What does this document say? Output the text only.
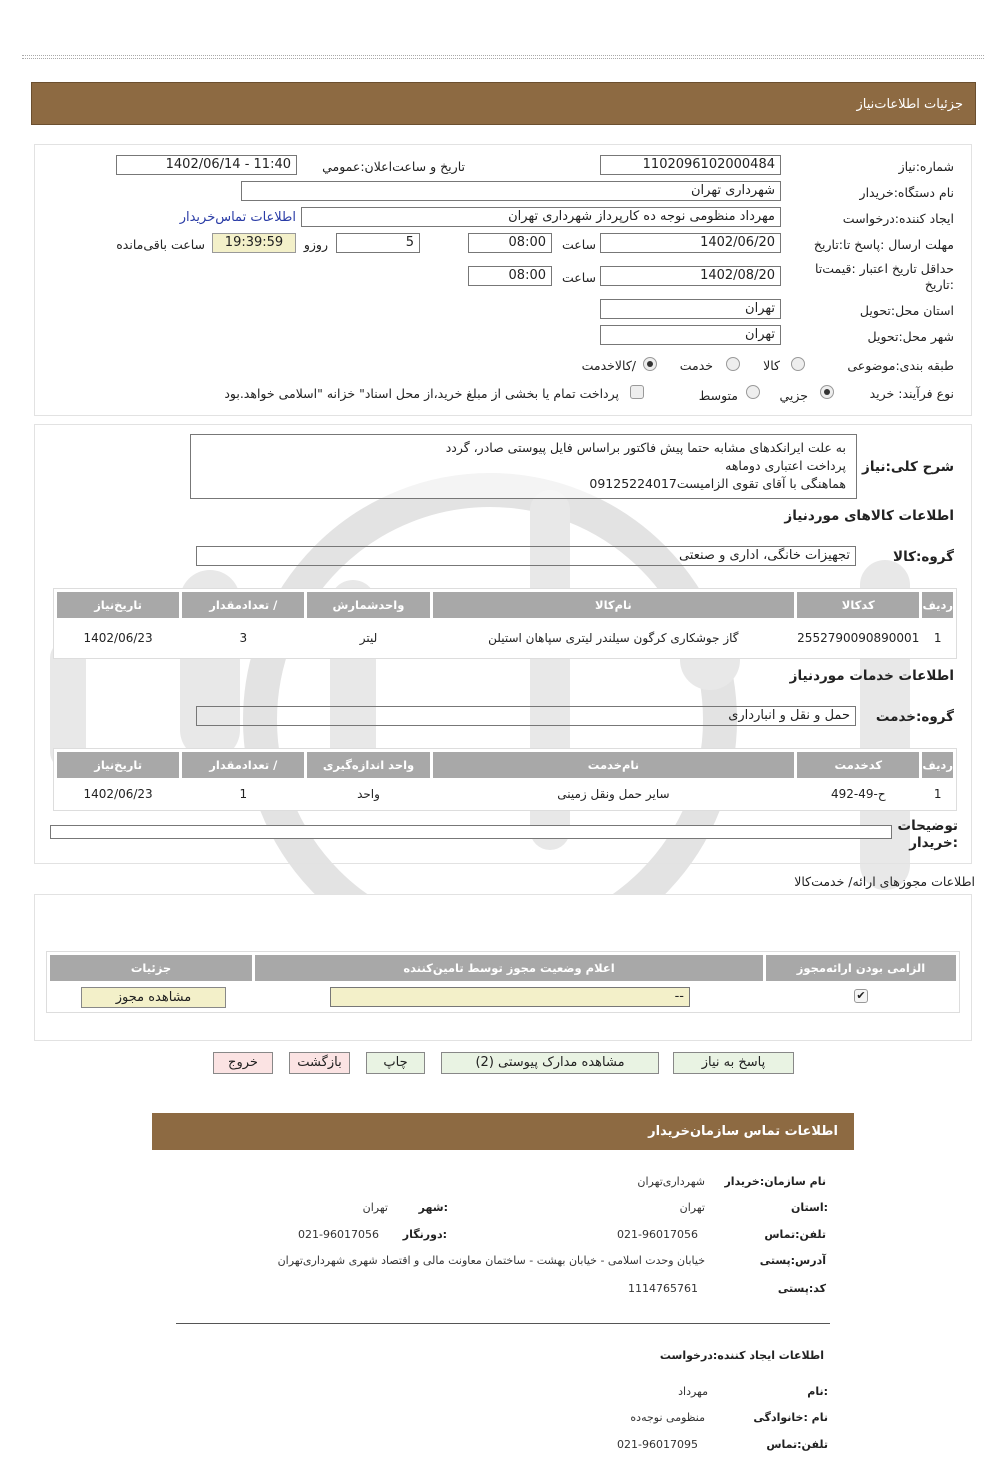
جزئیات اطلاعات‌نیاز
شماره:نیاز
1102096102000484
تاریخ و ساعت‌اعلان:عمومي
1402/06/14 - 11:40
نام دستگاه:خریدار
شهرداری تهران
ایجاد کننده:درخواست
مهرداد منظومی نوجه ده کارپرداز شهرداری تهران
اطلاعات تماس‌خریدار
مهلت ارسال :پاسخ تا:تاریخ
1402/06/20
ساعت
08:00
5
روزو
19:39:59
ساعت باقی‌مانده
حداقل تاریخ اعتبار :قیمت‌تا :تاریخ
1402/08/20
ساعت
08:00
استان محل:تحویل
تهران
شهر محل:تحویل
تهران
طبقه بندی:موضوعی
کالا
خدمت
/کالاخدمت
نوع فرآیند: خرید
جزيي
متوسط
پرداخت تمام یا بخشی از مبلغ خرید،از محل اسناد" خزانه "اسلامی خواهد.بود
شرح کلی:نیاز
به علت ایرانکدهای مشابه حتما پیش فاکتور براساس فایل پیوستی صادر، گردد
پرداخت اعتباری دوماهه
هماهنگی با آقای تقوی الزامیست09125224017
اطلاعات کالاهای موردنیاز
گروه:کالا
تجهیزات خانگی، اداری و صنعتی
ردیف	کدکالا	نام‌کالا	واحدشمارش	/ تعدادمقدار	تاریخ‌نیاز
1	2552790090890001	گاز جوشکاری کرگون سیلندر لیتری سپاهان استیلن	لیتر	3	1402/06/23
اطلاعات خدمات موردنیاز
گروه:خدمت
حمل و نقل و انبارداری
ردیف	کدخدمت	نام‌خدمت	واحد اندازه‌گیری	/ تعدادمقدار	تاریخ‌نیاز
1	ح-49-492	سایر حمل ونقل زمینی	واحد	1	1402/06/23
توضیحات :خریدار
اطلاعات مجوزهای ارائه/ خدمت‌کالا
الزامی بودن ارائه‌مجوز	اعلام وضعیت مجوز توسط تامین‌کننده	جزئیات

✔	--	مشاهده مجوز
پاسخ به نیاز
مشاهده مدارک پیوستی (2)
چاپ
بازگشت
خروج
اطلاعات تماس سازمان‌خریدار
نام سازمان:خریدار
شهرداری‌تهران
:استان
تهران
:شهر
تهران
تلفن:تماس
021-96017056
:دورنگار
021-96017056
آدرس:پستی
خیابان وحدت اسلامی - خیابان بهشت - ساختمان معاونت مالی و اقتصاد شهری شهرداری‌تهران
کد:پستی
1114765761
اطلاعات ایجاد کننده:درخواست
:نام
مهرداد
نام :خانوادگی
منظومی نوجه‌ده
تلفن:تماس
021-96017095
